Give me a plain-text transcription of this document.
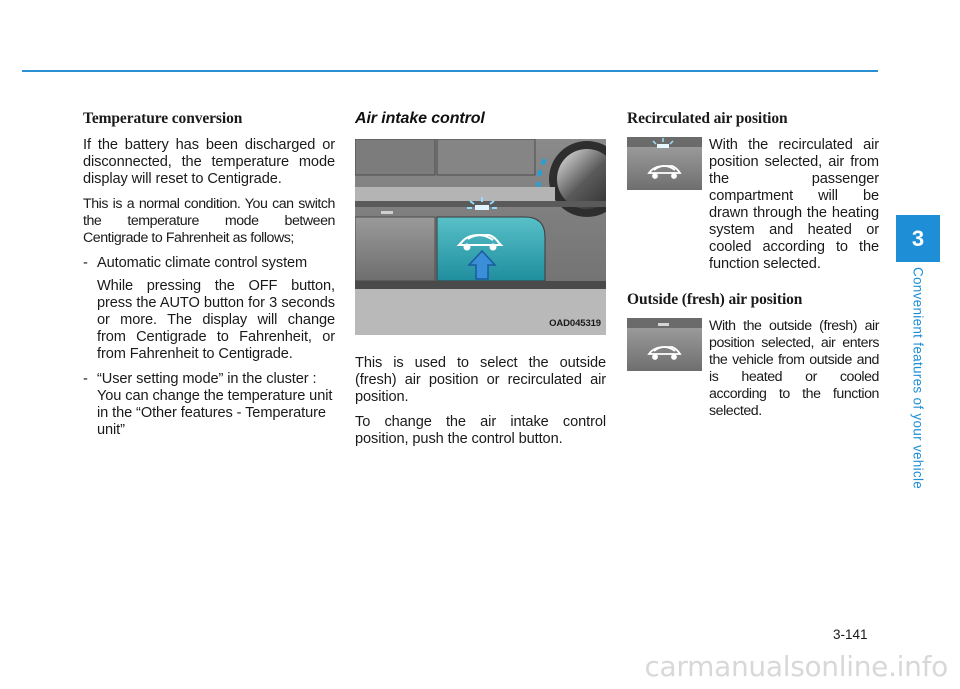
Temperature conversion

If the battery has been discharged or disconnected, the temperature mode display will reset to Centigrade.

This is a normal condition. You can switch the temperature mode between Centigrade to Fahrenheit as follows;

- Automatic climate control system

While pressing the OFF button, press the AUTO button for 3 seconds or more. The display will change from Centigrade to Fahrenheit, or from Fahrenheit to Centigrade.

- “User setting mode” in the cluster :

You can change the temperature unit in the “Other features - Temperature unit”

Air intake control
OAD045319

This is used to select the outside (fresh) air position or recirculated air position.

To change the air intake control position, push the control button.

Recirculated air position
With the recirculated air position selected, air from the passenger compartment will be drawn through the heating system and heated or cooled according to the function selected.
Outside (fresh) air position
With the outside (fresh) air position selected, air enters the vehicle from outside and is heated or cooled according to the function selected.
3
Convenient features of your vehicle
3-141
carmanualsonline.info
